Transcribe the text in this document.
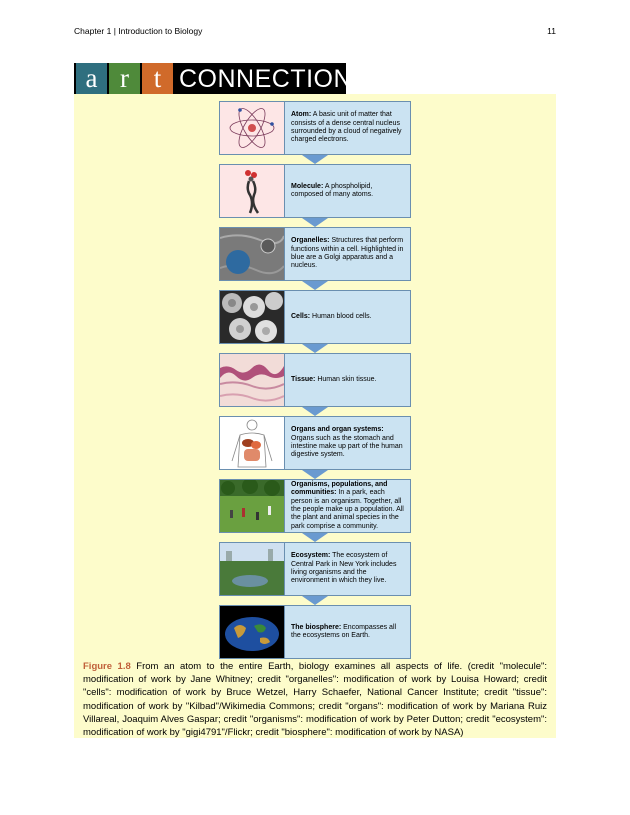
Chapter 1 | Introduction to Biology	11
a r t CONNECTION
Atom: A basic unit of matter that consists of a dense central nucleus surrounded by a cloud of negatively charged electrons.
Molecule: A phospholipid, composed of many atoms.
Organelles: Structures that perform functions within a cell. Highlighted in blue are a Golgi apparatus and a nucleus.
Cells: Human blood cells.
Tissue: Human skin tissue.
Organs and organ systems: Organs such as the stomach and intestine make up part of the human digestive system.
Organisms, populations, and communities: In a park, each person is an organism. Together, all the people make up a population. All the plant and animal species in the park comprise a community.
Ecosystem: The ecosystem of Central Park in New York includes living organisms and the environment in which they live.
The biosphere: Encompasses all the ecosystems on Earth.
Figure 1.8 From an atom to the entire Earth, biology examines all aspects of life. (credit "molecule": modification of work by Jane Whitney; credit "organelles": modification of work by Louisa Howard; credit "cells": modification of work by Bruce Wetzel, Harry Schaefer, National Cancer Institute; credit "tissue": modification of work by "Kilbad"/Wikimedia Commons; credit "organs": modification of work by Mariana Ruiz Villareal, Joaquim Alves Gaspar; credit "organisms": modification of work by Peter Dutton; credit "ecosystem": modification of work by "gigi4791"/Flickr; credit "biosphere": modification of work by NASA)
